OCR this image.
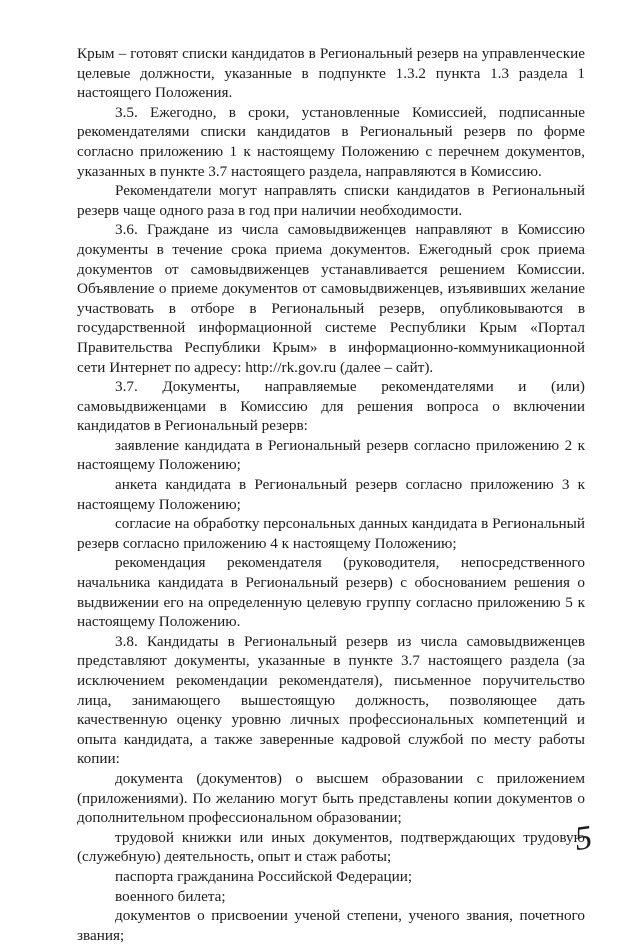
Крым – готовят списки кандидатов в Региональный резерв на управленческие целевые должности, указанные в подпункте 1.3.2 пункта 1.3 раздела 1 настоящего Положения.

3.5. Ежегодно, в сроки, установленные Комиссией, подписанные рекомендателями списки кандидатов в Региональный резерв по форме согласно приложению 1 к настоящему Положению с перечнем документов, указанных в пункте 3.7 настоящего раздела, направляются в Комиссию.

Рекомендатели могут направлять списки кандидатов в Региональный резерв чаще одного раза в год при наличии необходимости.

3.6. Граждане из числа самовыдвиженцев направляют в Комиссию документы в течение срока приема документов. Ежегодный срок приема документов от самовыдвиженцев устанавливается решением Комиссии. Объявление о приеме документов от самовыдвиженцев, изъявивших желание участвовать в отборе в Региональный резерв, опубликовываются в государственной информационной системе Республики Крым «Портал Правительства Республики Крым» в информационно-коммуникационной сети Интернет по адресу: http://rk.gov.ru (далее – сайт).

3.7. Документы, направляемые рекомендателями и (или) самовыдвиженцами в Комиссию для решения вопроса о включении кандидатов в Региональный резерв:

заявление кандидата в Региональный резерв согласно приложению 2 к настоящему Положению;

анкета кандидата в Региональный резерв согласно приложению 3 к настоящему Положению;

согласие на обработку персональных данных кандидата в Региональный резерв согласно приложению 4 к настоящему Положению;

рекомендация рекомендателя (руководителя, непосредственного начальника кандидата в Региональный резерв) с обоснованием решения о выдвижении его на определенную целевую группу согласно приложению 5 к настоящему Положению.

3.8. Кандидаты в Региональный резерв из числа самовыдвиженцев представляют документы, указанные в пункте 3.7 настоящего раздела (за исключением рекомендации рекомендателя), письменное поручительство лица, занимающего вышестоящую должность, позволяющее дать качественную оценку уровню личных профессиональных компетенций и опыта кандидата, а также заверенные кадровой службой по месту работы копии:

документа (документов) о высшем образовании с приложением (приложениями). По желанию могут быть представлены копии документов о дополнительном профессиональном образовании;

трудовой книжки или иных документов, подтверждающих трудовую (служебную) деятельность, опыт и стаж работы;

паспорта гражданина Российской Федерации;

военного билета;

документов о присвоении ученой степени, ученого звания, почетного звания;

5
